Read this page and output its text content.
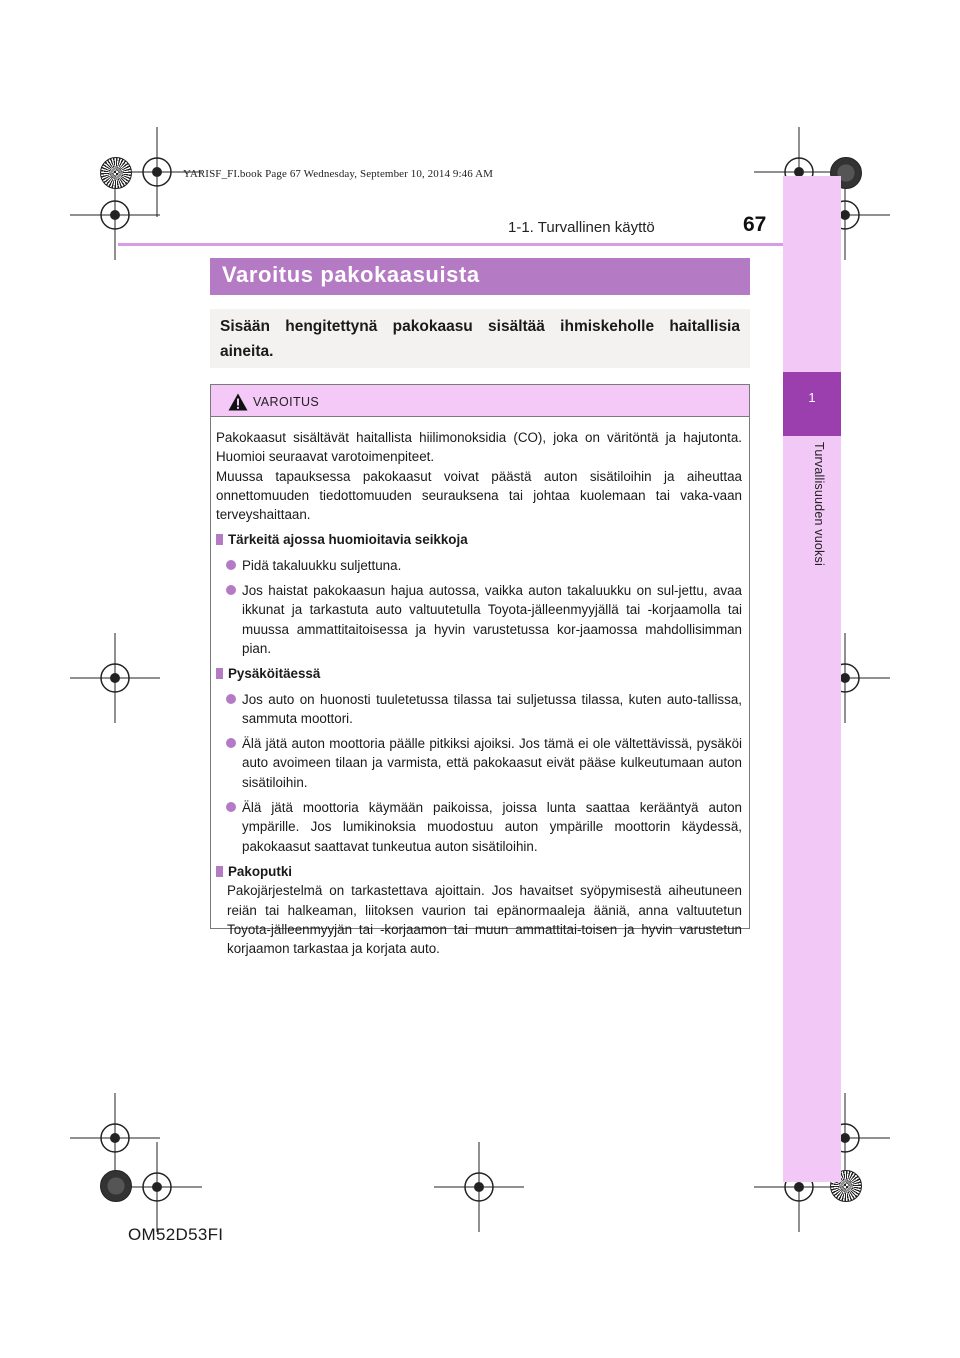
YARISF_FI.book Page 67 Wednesday, September 10, 2014 9:46 AM
1-1. Turvallinen käyttö	67
1
Turvallisuuden vuoksi
Varoitus pakokaasuista
Sisään hengitettynä pakokaasu sisältää ihmiskeholle haitallisia aineita.
VAROITUS

Pakokaasut sisältävät haitallista hiilimonoksidia (CO), joka on väritöntä ja hajutonta. Huomioi seuraavat varotoimenpiteet.

Muussa tapauksessa pakokaasut voivat päästä auton sisätiloihin ja aiheuttaa onnettomuuden tiedottomuuden seurauksena tai johtaa kuolemaan tai vaka-vaan terveyshaittaan.

Tärkeitä ajossa huomioitavia seikkoja
Pidä takaluukku suljettuna.
Jos haistat pakokaasun hajua autossa, vaikka auton takaluukku on sul-jettu, avaa ikkunat ja tarkastuta auto valtuutetulla Toyota-jälleenmyyjällä tai -korjaamolla tai muussa ammattitaitoisessa ja hyvin varustetussa kor-jaamossa mahdollisimman pian.
Pysäköitäessä
Jos auto on huonosti tuuletetussa tilassa tai suljetussa tilassa, kuten auto-tallissa, sammuta moottori.
Älä jätä auton moottoria päälle pitkiksi ajoiksi. Jos tämä ei ole vältettävissä, pysäköi auto avoimeen tilaan ja varmista, että pakokaasut eivät pääse kulkeutumaan auton sisätiloihin.
Älä jätä moottoria käymään paikoissa, joissa lunta saattaa kerääntyä auton ympärille. Jos lumikinoksia muodostuu auton ympärille moottorin käydessä, pakokaasut saattavat tunkeutua auton sisätiloihin.
Pakoputki

Pakojärjestelmä on tarkastettava ajoittain. Jos havaitset syöpymisestä aiheutuneen reiän tai halkeaman, liitoksen vaurion tai epänormaaleja ääniä, anna valtuutetun Toyota-jälleenmyyjän tai -korjaamon tai muun ammattitai-toisen ja hyvin varustetun korjaamon tarkastaa ja korjata auto.

OM52D53FI
